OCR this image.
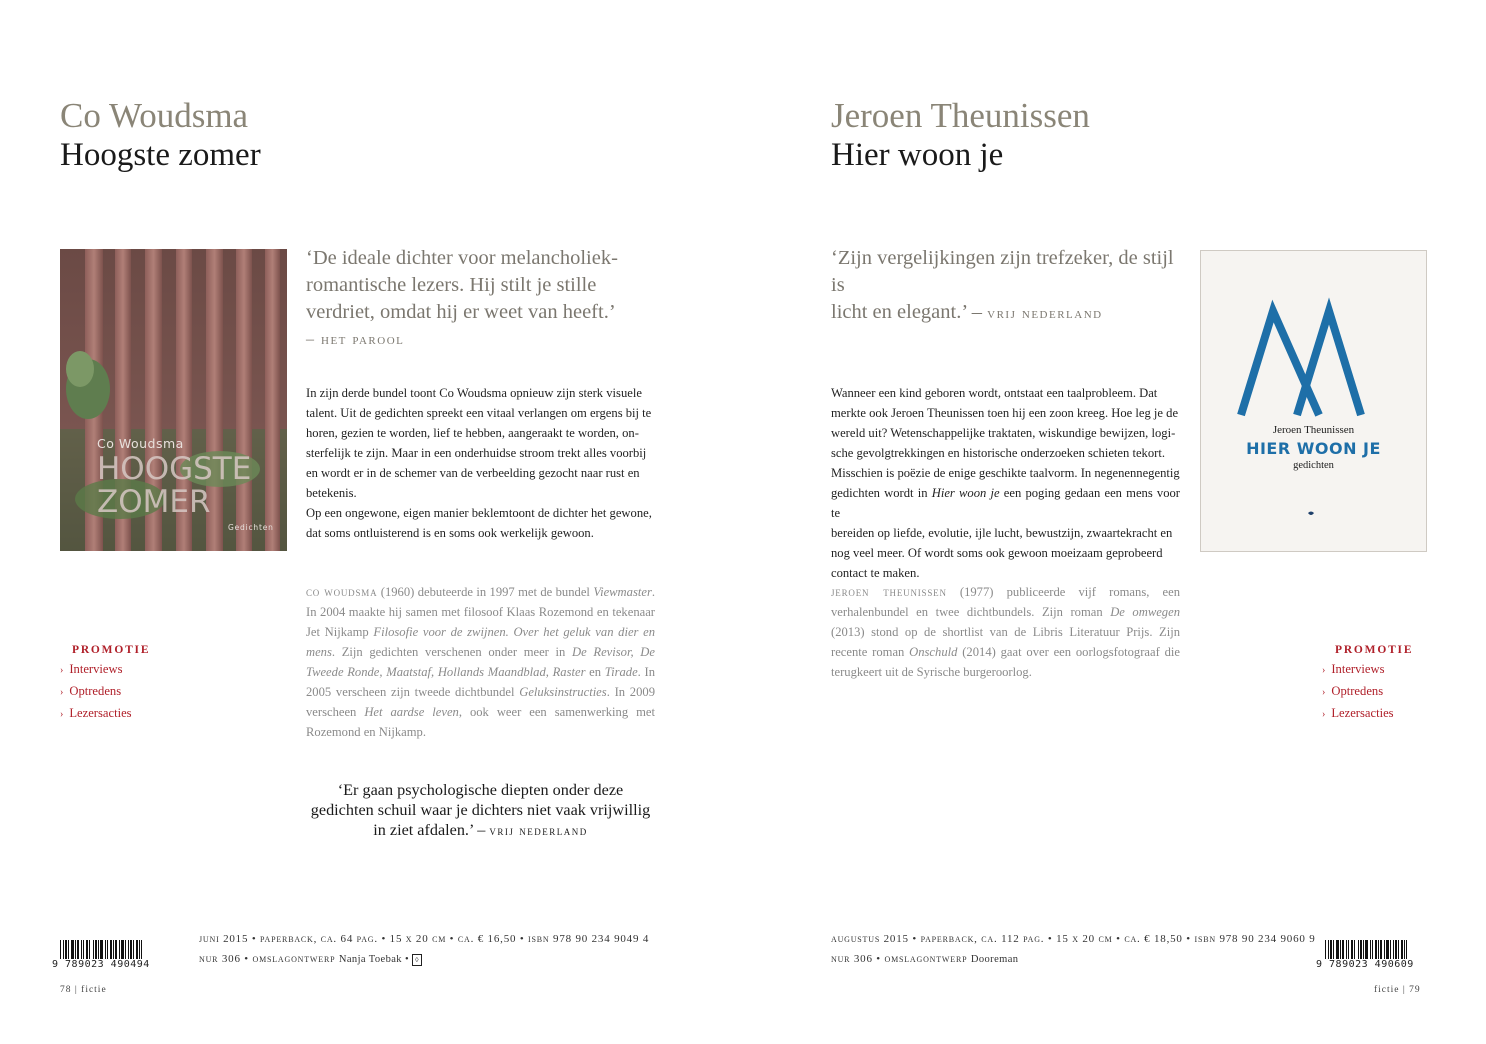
Co Woudsma
Hoogste zomer
Co Woudsma
HOOGSTE
ZOMER
Gedichten
‘De ideale dichter voor melancholiek-
romantische lezers. Hij stilt je stille
verdriet, omdat hij er weet van heeft.’
– het parool
In zijn derde bundel toont Co Woudsma opnieuw zijn sterk visuele
talent. Uit de gedichten spreekt een vitaal verlangen om ergens bij te
horen, gezien te worden, lief te hebben, aangeraakt te worden, on-
sterfelijk te zijn. Maar in een onderhuidse stroom trekt alles voorbij
en wordt er in de schemer van de verbeelding gezocht naar rust en
betekenis.
Op een ongewone, eigen manier beklemtoont de dichter het gewone,
dat soms ontluisterend is en soms ook werkelijk gewoon.
co woudsma (1960) debuteerde in 1997 met de bundel Viewmaster. In 2004 maakte hij samen met filosoof Klaas Rozemond en tekenaar Jet Nijkamp Filosofie voor de zwijnen. Over het geluk van dier en mens. Zijn gedichten verschenen onder meer in De Revisor, De Tweede Ronde, Maatstaf, Hollands Maandblad, Raster en Tirade. In 2005 verscheen zijn tweede dichtbundel Geluksinstructies. In 2009 verscheen Het aardse leven, ook weer een samenwerking met Rozemond en Nijkamp.
PROMOTIE
› Interviews
› Optredens
› Lezersacties
‘Er gaan psychologische diepten onder deze
gedichten schuil waar je dichters niet vaak vrijwillig
in ziet afdalen.’ – vrij nederland
9 789023 490494
juni 2015 • paperback, ca. 64 pag. • 15 x 20 cm • ca. € 16,50 • isbn 978 90 234 9049 4
nur 306 • omslagontwerp Nanja Toebak • ◊
78 | fictie
Jeroen Theunissen
Hier woon je
‘Zijn vergelijkingen zijn trefzeker, de stijl is
licht en elegant.’ – vrij nederland
Jeroen Theunissen
HIER WOON JE
gedichten
Wanneer een kind geboren wordt, ontstaat een taalprobleem. Dat
merkte ook Jeroen Theunissen toen hij een zoon kreeg. Hoe leg je de
wereld uit? Wetenschappelijke traktaten, wiskundige bewijzen, logi-
sche gevolgtrekkingen en historische onderzoeken schieten tekort.
Misschien is poëzie de enige geschikte taalvorm. In negenennegentig
gedichten wordt in Hier woon je een poging gedaan een mens voor te
bereiden op liefde, evolutie, ijle lucht, bewustzijn, zwaartekracht en
nog veel meer. Of wordt soms ook gewoon moeizaam geprobeerd
contact te maken.
jeroen theunissen (1977) publiceerde vijf romans, een verhalenbundel en twee dichtbundels. Zijn roman De omwegen (2013) stond op de shortlist van de Libris Literatuur Prijs. Zijn recente roman Onschuld (2014) gaat over een oorlogsfotograaf die terugkeert uit de Syrische burgeroorlog.
PROMOTIE
› Interviews
› Optredens
› Lezersacties
augustus 2015 • paperback, ca. 112 pag. • 15 x 20 cm • ca. € 18,50 • isbn 978 90 234 9060 9
nur 306 • omslagontwerp Dooreman	9 789023 490609
fictie | 79
